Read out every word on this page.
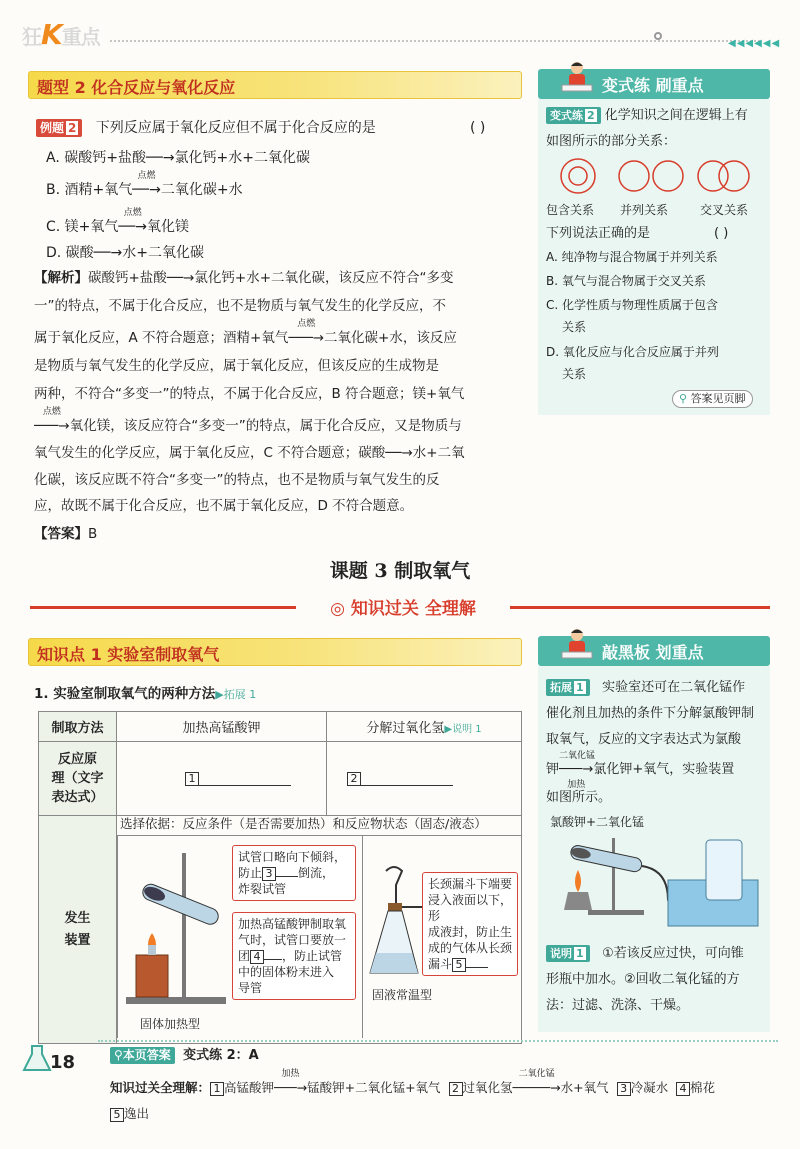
狂K重点	◀◀◀◀◀◀
题型 2 化合反应与氧化反应
例题 2 下列反应属于氧化反应但不属于化合反应的是	( )
A. 碳酸钙+盐酸──→氯化钙+水+二氧化碳
B. 酒精+氧气
点燃
──→二氧化碳+水
C. 镁+氧气
点燃
──→氧化镁
D. 碳酸──→水+二氧化碳
【解析】碳酸钙+盐酸──→氯化钙+水+二氧化碳，该反应不符合“多变
一”的特点，不属于化合反应，也不是物质与氧气发生的化学反应，不
属于氧化反应，A 不符合题意；酒精+氧气
点燃
───→二氧化碳+水，该反应
是物质与氧气发生的化学反应，属于氧化反应，但该反应的生成物是
两种，不符合“多变一”的特点，不属于化合反应，B 符合题意；镁+氧气
点燃
───→氧化镁，该反应符合“多变一”的特点，属于化合反应，又是物质与
氧气发生的化学反应，属于氧化反应，C 不符合题意；碳酸──→水+二氧
化碳，该反应既不符合“多变一”的特点，也不是物质与氧气发生的反
应，故既不属于化合反应，也不属于氧化反应，D 不符合题意。
【答案】B
变式练 刷重点
变式练 2 化学知识之间在逻辑上有
如图所示的部分关系：
包含关系 并列关系	交叉关系
下列说法正确的是	( )
A. 纯净物与混合物属于并列关系
B. 氧气与混合物属于交叉关系
C. 化学性质与物理性质属于包含
关系
D. 氧化反应与化合反应属于并列
关系
⚲ 答案见页脚
课题 3 制取氧气
◎ 知识过关 全理解
知识点 1 实验室制取氧气
1. 实验室制取氧气的两种方法▶拓展 1
制取方法	加热高锰酸钾	分解过氧化氢▶说明 1
反应原
理（文字
表达式）	1	2
发生
装置		
选择依据：反应条件（是否需要加热）和反应物状态（固态/液态）
试管口略向下倾斜，
防止 3 倒流，
炸裂试管
加热高锰酸钾制取氧
气时，试管口要放一
团 4 ，防止试管
中的固体粉末进入
导管
固体加热型
长颈漏斗下端要
浸入液面以下，形
成液封，防止生
成的气体从长颈
漏斗 5
固液常温型
敲黑板 划重点
拓展 1 实验室还可在二氧化锰作
催化剂且加热的条件下分解氯酸钾制
取氧气，反应的文字表达式为氯酸
钾
二氧化锰
───→
加热
氯化钾+氧气，实验装置
如图所示。
氯酸钾+二氧化锰
说明 1 ①若该反应过快，可向锥
形瓶中加水。②回收二氧化锰的方
法：过滤、洗涤、干燥。
18	⚲本页答案 变式练 2：A
知识过关全理解： 1 高锰酸钾
加热
───→锰酸钾+二氧化锰+氧气 2 过氧化氢
二氧化锰
─────→水+氧气 3 冷凝水 4 棉花
5 逸出
